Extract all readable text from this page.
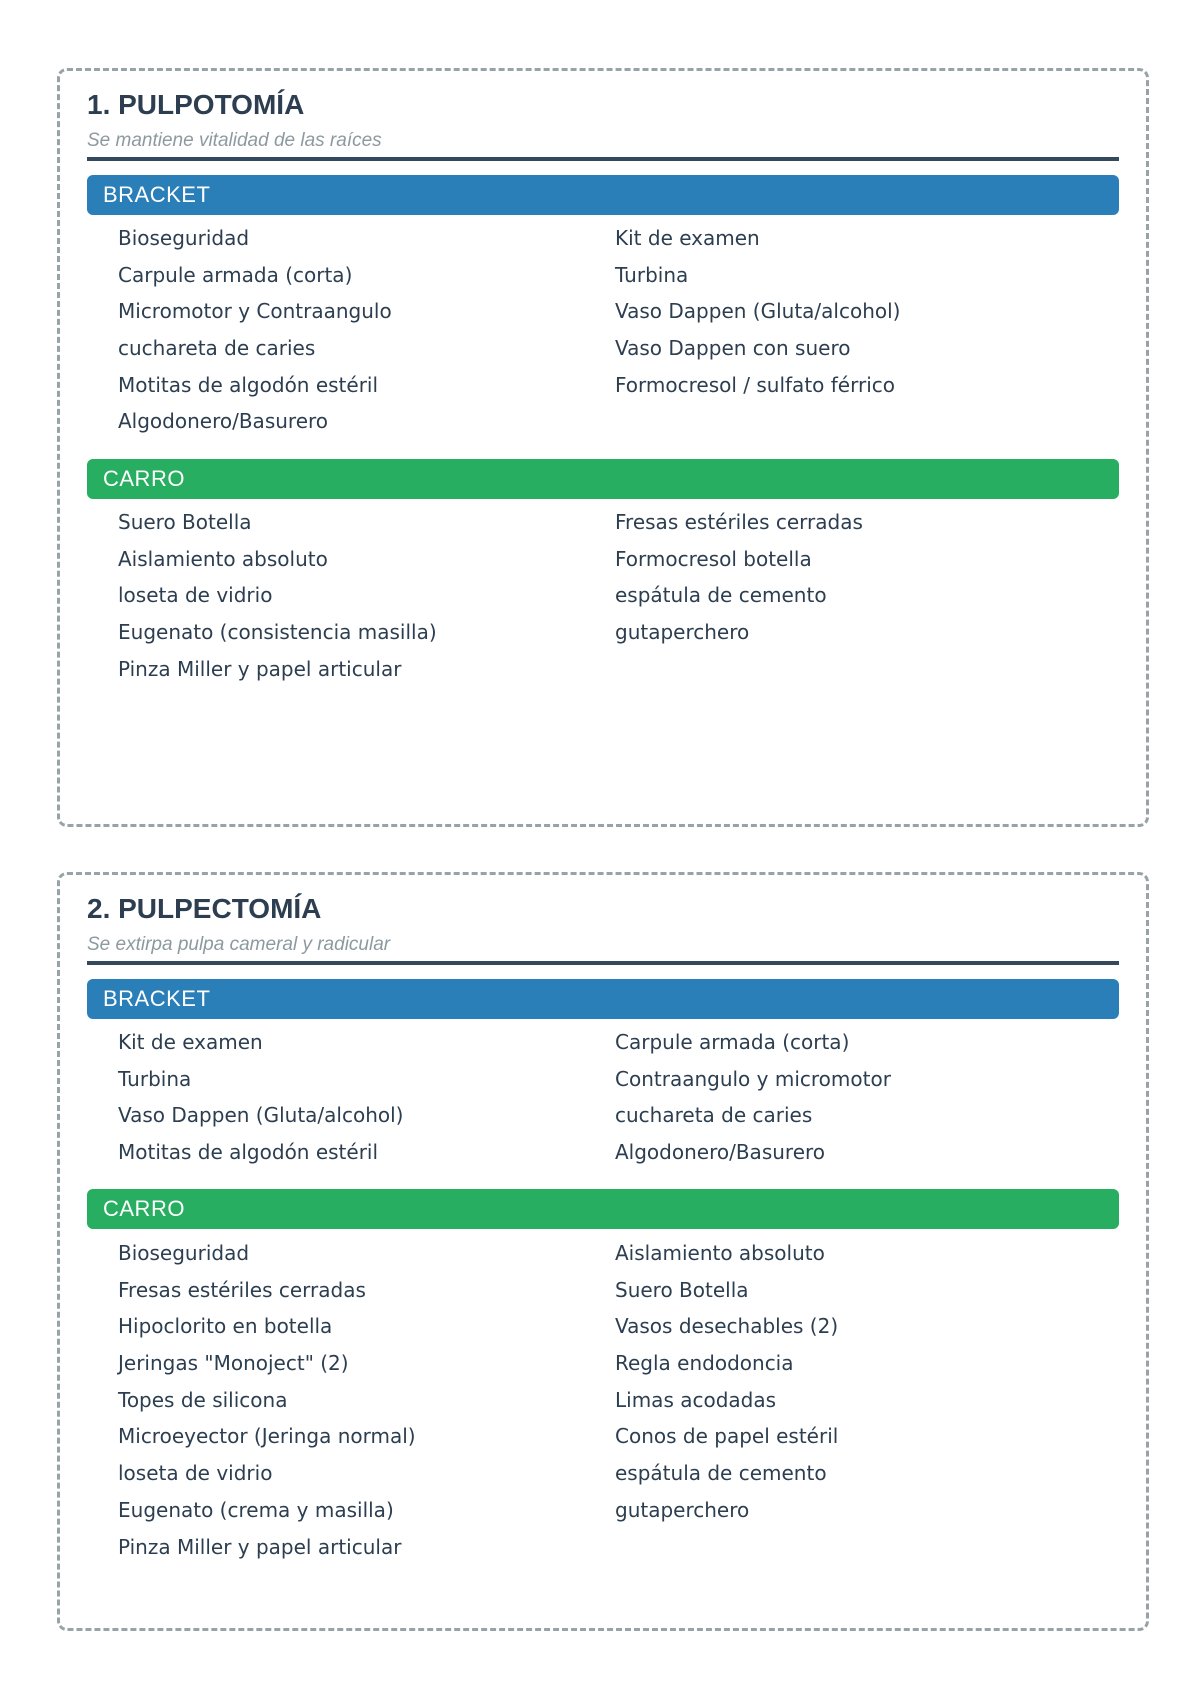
1. PULPOTOMÍA
Se mantiene vitalidad de las raíces
BRACKET
Bioseguridad
Carpule armada (corta)
Micromotor y Contraangulo
cuchareta de caries
Motitas de algodón estéril
Algodonero/Basurero
Kit de examen
Turbina
Vaso Dappen (Gluta/alcohol)
Vaso Dappen con suero
Formocresol / sulfato férrico
CARRO
Suero Botella
Aislamiento absoluto
loseta de vidrio
Eugenato (consistencia masilla)
Pinza Miller y papel articular
Fresas estériles cerradas
Formocresol botella
espátula de cemento
gutaperchero
2. PULPECTOMÍA
Se extirpa pulpa cameral y radicular
BRACKET
Kit de examen
Turbina
Vaso Dappen (Gluta/alcohol)
Motitas de algodón estéril
Carpule armada (corta)
Contraangulo y micromotor
cuchareta de caries
Algodonero/Basurero
CARRO
Bioseguridad
Fresas estériles cerradas
Hipoclorito en botella
Jeringas "Monoject" (2)
Topes de silicona
Microeyector (Jeringa normal)
loseta de vidrio
Eugenato (crema y masilla)
Pinza Miller y papel articular
Aislamiento absoluto
Suero Botella
Vasos desechables (2)
Regla endodoncia
Limas acodadas
Conos de papel estéril
espátula de cemento
gutaperchero
